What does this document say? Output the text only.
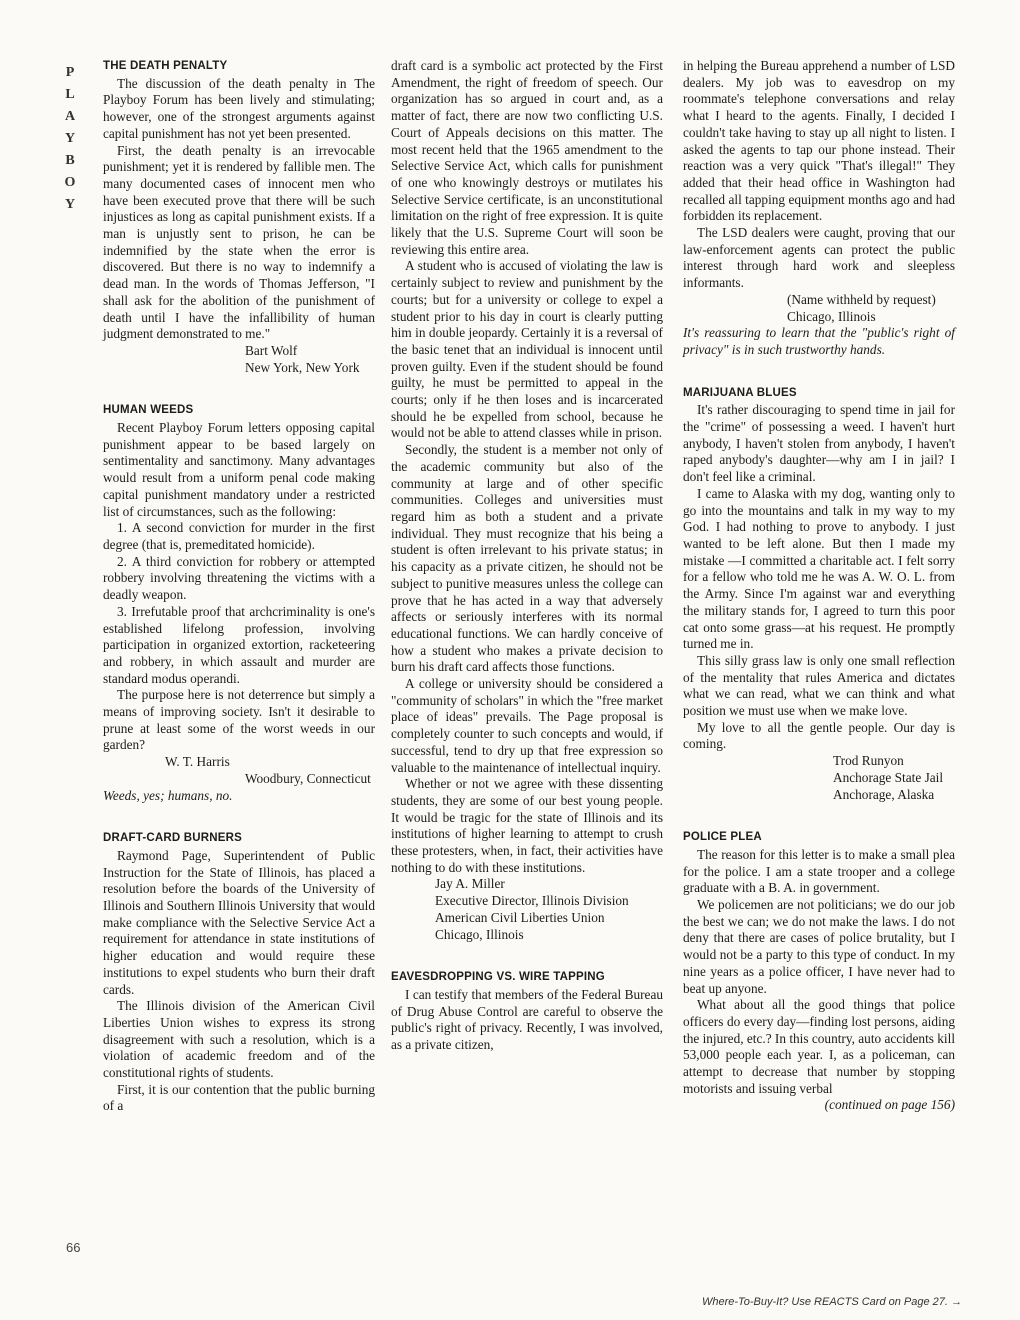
P
L
A
Y
B
O
Y
THE DEATH PENALTY

The discussion of the death penalty in The Playboy Forum has been lively and stimulating; however, one of the strongest arguments against capital punishment has not yet been presented.

First, the death penalty is an irrevocable punishment; yet it is rendered by fallible men. The many documented cases of innocent men who have been executed prove that there will be such injustices as long as capital punishment exists. If a man is unjustly sent to prison, he can be indemnified by the state when the error is discovered. But there is no way to indemnify a dead man. In the words of Thomas Jefferson, "I shall ask for the abolition of the punishment of death until I have the infallibility of human judgment demonstrated to me."

Bart Wolf

New York, New York

HUMAN WEEDS

Recent Playboy Forum letters opposing capital punishment appear to be based largely on sentimentality and sanctimony. Many advantages would result from a uniform penal code making capital punishment mandatory under a restricted list of circumstances, such as the following:

1. A second conviction for murder in the first degree (that is, premeditated homicide).

2. A third conviction for robbery or attempted robbery involving threatening the victims with a deadly weapon.

3. Irrefutable proof that archcriminality is one's established lifelong profession, involving participation in organized extortion, racketeering and robbery, in which assault and murder are standard modus operandi.

The purpose here is not deterrence but simply a means of improving society. Isn't it desirable to prune at least some of the worst weeds in our garden?

W. T. Harris

Woodbury, Connecticut

Weeds, yes; humans, no.

DRAFT-CARD BURNERS

Raymond Page, Superintendent of Public Instruction for the State of Illinois, has placed a resolution before the boards of the University of Illinois and Southern Illinois University that would make compliance with the Selective Service Act a requirement for attendance in state institutions of higher education and would require these institutions to expel students who burn their draft cards.

The Illinois division of the American Civil Liberties Union wishes to express its strong disagreement with such a resolution, which is a violation of academic freedom and of the constitutional rights of students.

First, it is our contention that the public burning of a

draft card is a symbolic act protected by the First Amendment, the right of freedom of speech. Our organization has so argued in court and, as a matter of fact, there are now two conflicting U.S. Court of Appeals decisions on this matter. The most recent held that the 1965 amendment to the Selective Service Act, which calls for punishment of one who knowingly destroys or mutilates his Selective Service certificate, is an unconstitutional limitation on the right of free expression. It is quite likely that the U.S. Supreme Court will soon be reviewing this entire area.

A student who is accused of violating the law is certainly subject to review and punishment by the courts; but for a university or college to expel a student prior to his day in court is clearly putting him in double jeopardy. Certainly it is a reversal of the basic tenet that an individual is innocent until proven guilty. Even if the student should be found guilty, he must be permitted to appeal in the courts; only if he then loses and is incarcerated should he be expelled from school, because he would not be able to attend classes while in prison.

Secondly, the student is a member not only of the academic community but also of the community at large and of other specific communities. Colleges and universities must regard him as both a student and a private individual. They must recognize that his being a student is often irrelevant to his private status; in his capacity as a private citizen, he should not be subject to punitive measures unless the college can prove that he has acted in a way that adversely affects or seriously interferes with its normal educational functions. We can hardly conceive of how a student who makes a private decision to burn his draft card affects those functions.

A college or university should be considered a "community of scholars" in which the "free market place of ideas" prevails. The Page proposal is completely counter to such concepts and would, if successful, tend to dry up that free expression so valuable to the maintenance of intellectual inquiry.

Whether or not we agree with these dissenting students, they are some of our best young people. It would be tragic for the state of Illinois and its institutions of higher learning to attempt to crush these protesters, when, in fact, their activities have nothing to do with these institutions.

Jay A. Miller

Executive Director, Illinois Division

American Civil Liberties Union

Chicago, Illinois

EAVESDROPPING VS. WIRE TAPPING

I can testify that members of the Federal Bureau of Drug Abuse Control are careful to observe the public's right of privacy. Recently, I was involved, as a private citizen,

in helping the Bureau apprehend a number of LSD dealers. My job was to eavesdrop on my roommate's telephone conversations and relay what I heard to the agents. Finally, I decided I couldn't take having to stay up all night to listen. I asked the agents to tap our phone instead. Their reaction was a very quick "That's illegal!" They added that their head office in Washington had recalled all tapping equipment months ago and had forbidden its replacement.

The LSD dealers were caught, proving that our law-enforcement agents can protect the public interest through hard work and sleepless informants.

(Name withheld by request)

Chicago, Illinois

It's reassuring to learn that the "public's right of privacy" is in such trustworthy hands.

MARIJUANA BLUES

It's rather discouraging to spend time in jail for the "crime" of possessing a weed. I haven't hurt anybody, I haven't stolen from anybody, I haven't raped anybody's daughter—why am I in jail? I don't feel like a criminal.

I came to Alaska with my dog, wanting only to go into the mountains and talk in my way to my God. I had nothing to prove to anybody. I just wanted to be left alone. But then I made my mistake —I committed a charitable act. I felt sorry for a fellow who told me he was A. W. O. L. from the Army. Since I'm against war and everything the military stands for, I agreed to turn this poor cat onto some grass—at his request. He promptly turned me in.

This silly grass law is only one small reflection of the mentality that rules America and dictates what we can read, what we can think and what position we must use when we make love.

My love to all the gentle people. Our day is coming.

Trod Runyon

Anchorage State Jail

Anchorage, Alaska

POLICE PLEA

The reason for this letter is to make a small plea for the police. I am a state trooper and a college graduate with a B. A. in government.

We policemen are not politicians; we do our job the best we can; we do not make the laws. I do not deny that there are cases of police brutality, but I would not be a party to this type of conduct. In my nine years as a police officer, I have never had to beat up anyone.

What about all the good things that police officers do every day—finding lost persons, aiding the injured, etc.? In this country, auto accidents kill 53,000 people each year. I, as a policeman, can attempt to decrease that number by stopping motorists and issuing verbal

(continued on page 156)

66
Where-To-Buy-It? Use REACTS Card on Page 27. →
